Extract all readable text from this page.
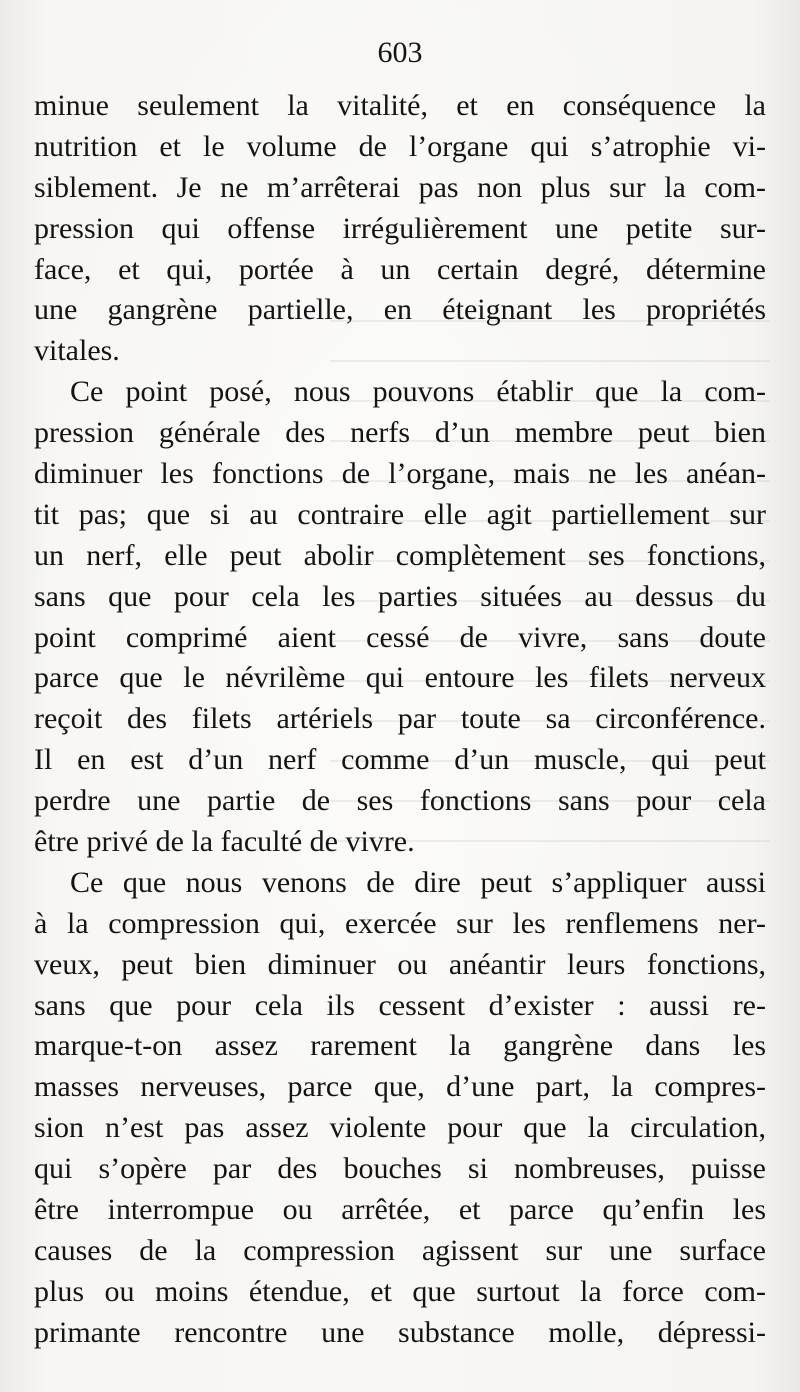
603
minue seulement la vitalité, et en conséquence la
nutrition et le volume de l’organe qui s’atrophie vi-
siblement. Je ne m’arrêterai pas non plus sur la com-
pression qui offense irrégulièrement une petite sur-
face, et qui, portée à un certain degré, détermine
une gangrène partielle, en éteignant les propriétés
vitales.
Ce point posé, nous pouvons établir que la com-
pression générale des nerfs d’un membre peut bien
diminuer les fonctions de l’organe, mais ne les anéan-
tit pas; que si au contraire elle agit partiellement sur
un nerf, elle peut abolir complètement ses fonctions,
sans que pour cela les parties situées au dessus du
point comprimé aient cessé de vivre, sans doute
parce que le névrilème qui entoure les filets nerveux
reçoit des filets artériels par toute sa circonférence.
Il en est d’un nerf comme d’un muscle, qui peut
perdre une partie de ses fonctions sans pour cela
être privé de la faculté de vivre.
Ce que nous venons de dire peut s’appliquer aussi
à la compression qui, exercée sur les renflemens ner-
veux, peut bien diminuer ou anéantir leurs fonctions,
sans que pour cela ils cessent d’exister : aussi re-
marque-t-on assez rarement la gangrène dans les
masses nerveuses, parce que, d’une part, la compres-
sion n’est pas assez violente pour que la circulation,
qui s’opère par des bouches si nombreuses, puisse
être interrompue ou arrêtée, et parce qu’enfin les
causes de la compression agissent sur une surface
plus ou moins étendue, et que surtout la force com-
primante rencontre une substance molle, dépressi-
